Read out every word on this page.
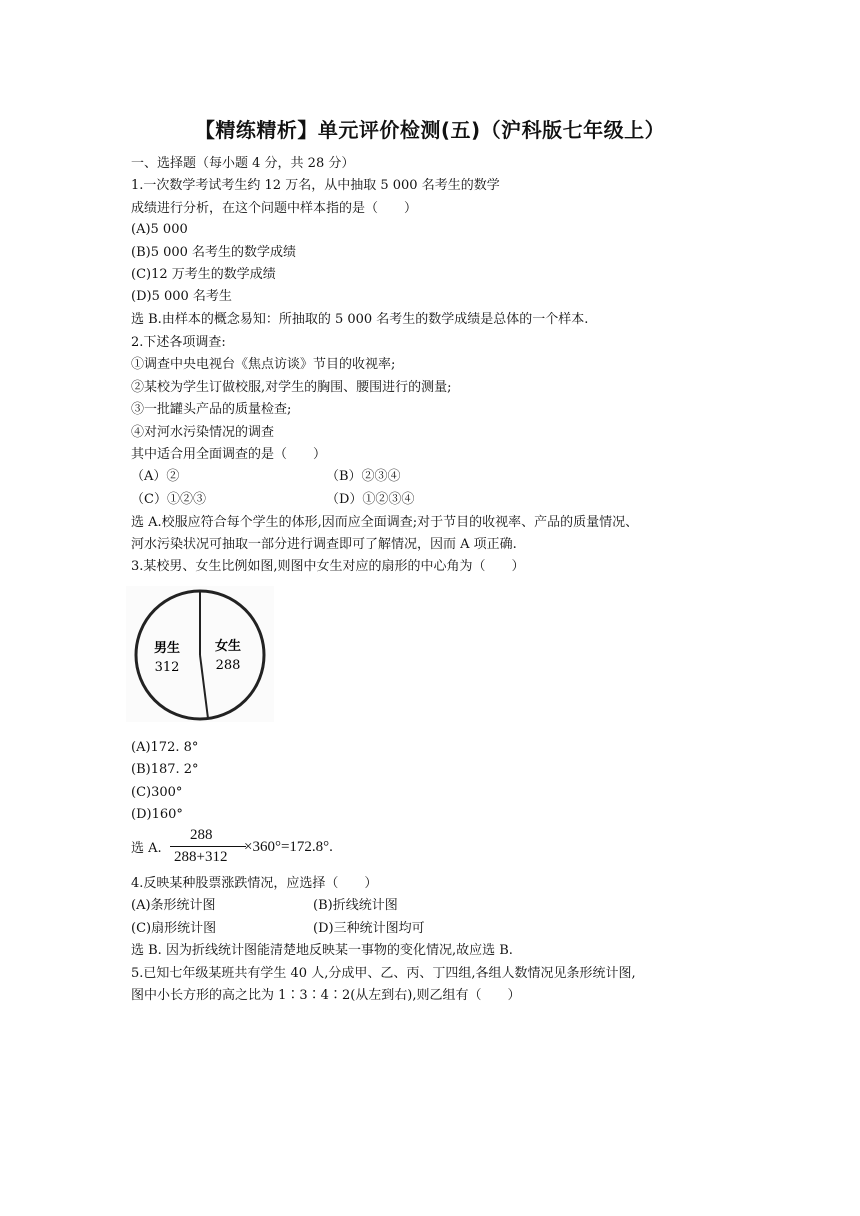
【精练精析】单元评价检测(五)（沪科版七年级上）
一、选择题（每小题 4 分，共 28 分）
1.一次数学考试考生约 12 万名，从中抽取 5 000 名考生的数学
成绩进行分析，在这个问题中样本指的是（　　）
(A)5 000
(B)5 000 名考生的数学成绩
(C)12 万考生的数学成绩
(D)5 000 名考生
选 B.由样本的概念易知：所抽取的 5 000 名考生的数学成绩是总体的一个样本.
2.下述各项调查:
①调查中央电视台《焦点访谈》节目的收视率;
②某校为学生订做校服,对学生的胸围、腰围进行的测量;
③一批罐头产品的质量检查;
④对河水污染情况的调查
其中适合用全面调查的是（　　）
（A）②	（B）②③④
（C）①②③	（D）①②③④
选 A.校服应符合每个学生的体形,因而应全面调查;对于节目的收视率、产品的质量情况、
河水污染状况可抽取一部分进行调查即可了解情况，因而 A 项正确.
3.某校男、女生比例如图,则图中女生对应的扇形的中心角为（　　）
男生
312
女生
288
(A)172. 8°
(B)187. 2°
(C)300°
(D)160°
选 A.
288
288+312
×360°=172.8°.
4.反映某种股票涨跌情况，应选择（　　）
(A)条形统计图	(B)折线统计图
(C)扇形统计图	(D)三种统计图均可
选 B. 因为折线统计图能清楚地反映某一事物的变化情况,故应选 B.
5.已知七年级某班共有学生 40 人,分成甲、乙、丙、丁四组,各组人数情况见条形统计图,
图中小长方形的高之比为 1∶3∶4∶2(从左到右),则乙组有（　　）
